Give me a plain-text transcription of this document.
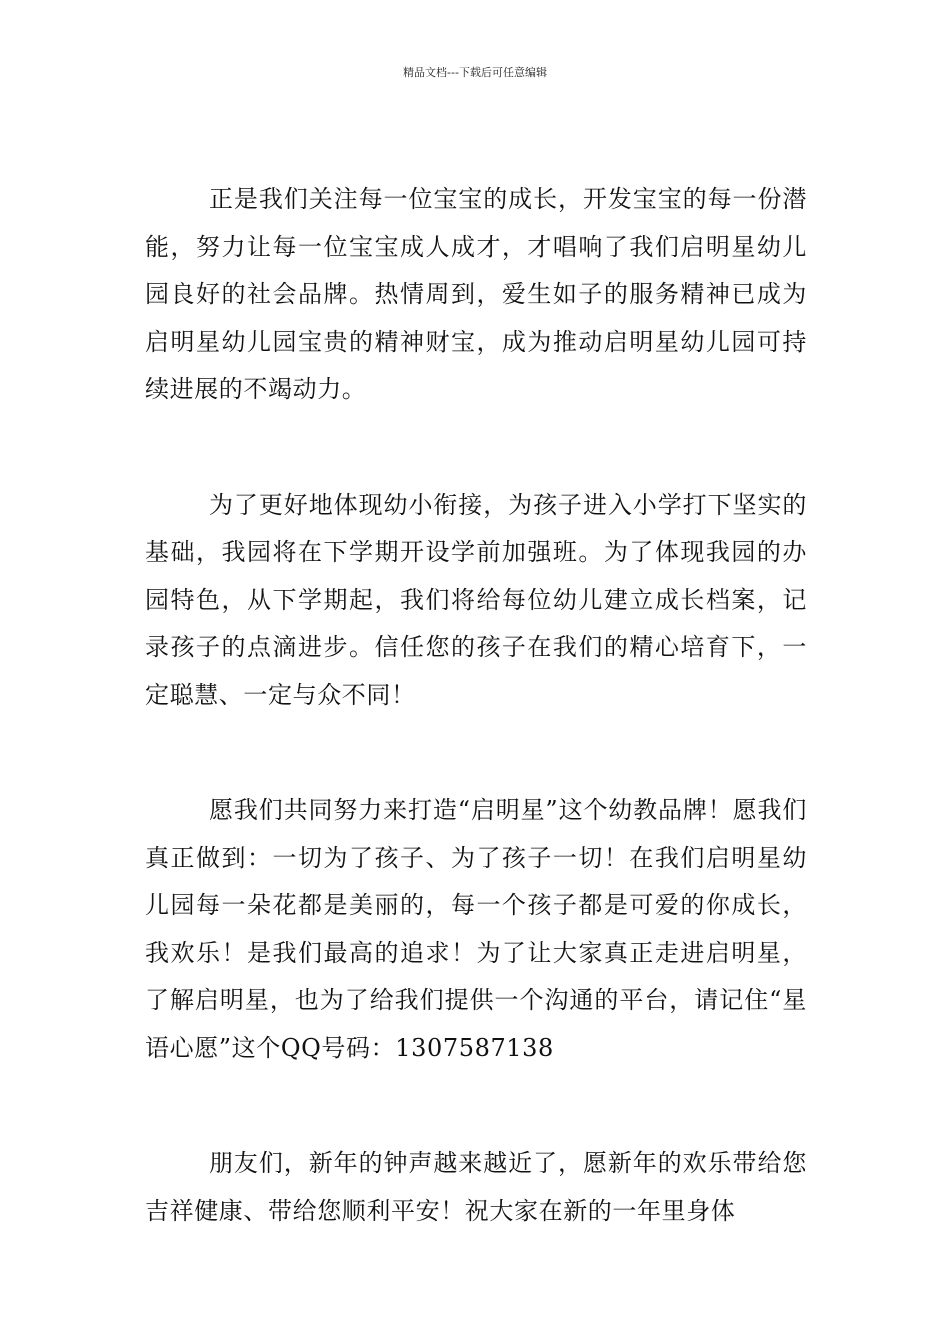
精品文档---下载后可任意编辑

正是我们关注每一位宝宝的成长，开发宝宝的每一份潜能，努力让每一位宝宝成人成才，才唱响了我们启明星幼儿园良好的社会品牌。热情周到，爱生如子的服务精神已成为启明星幼儿园宝贵的精神财宝，成为推动启明星幼儿园可持续进展的不竭动力。

为了更好地体现幼小衔接，为孩子进入小学打下坚实的基础，我园将在下学期开设学前加强班。为了体现我园的办园特色，从下学期起，我们将给每位幼儿建立成长档案，记录孩子的点滴进步。信任您的孩子在我们的精心培育下，一定聪慧、一定与众不同！

愿我们共同努力来打造“启明星”这个幼教品牌！愿我们真正做到：一切为了孩子、为了孩子一切！在我们启明星幼儿园每一朵花都是美丽的，每一个孩子都是可爱的你成长，我欢乐！是我们最高的追求！为了让大家真正走进启明星，了解启明星，也为了给我们提供一个沟通的平台，请记住“星语心愿”这个QQ号码：1307587138

朋友们，新年的钟声越来越近了，愿新年的欢乐带给您吉祥健康、带给您顺利平安！祝大家在新的一年里身体
